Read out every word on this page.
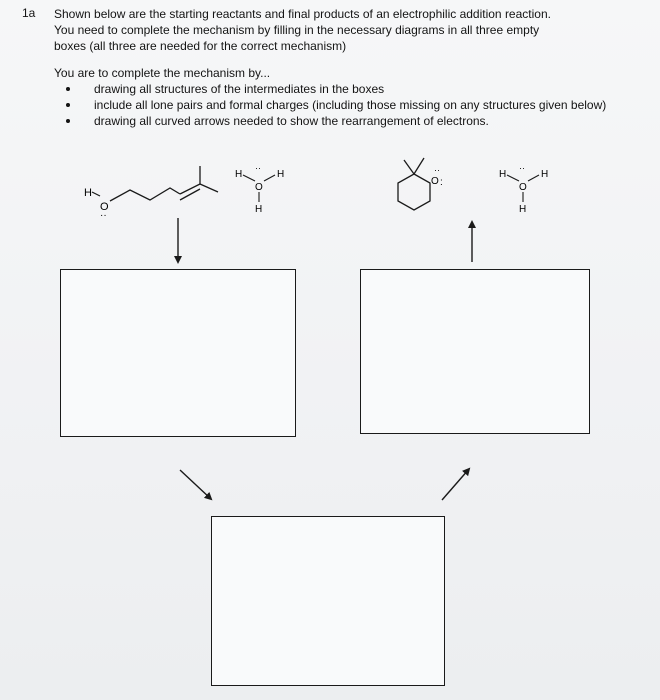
1a Shown below are the starting reactants and final products of an electrophilic addition reaction.

You need to complete the mechanism by filling in the necessary diagrams in all three empty

boxes (all three are needed for the correct mechanism)

You are to complete the mechanism by...
drawing all structures of the intermediates in the boxes
include all lone pairs and formal charges (including those missing on any structures given below)
drawing all curved arrows needed to show the rearrangement of electrons.
H
O
··
H
··
H
O
H
··
O :
H
··
H
O
H
